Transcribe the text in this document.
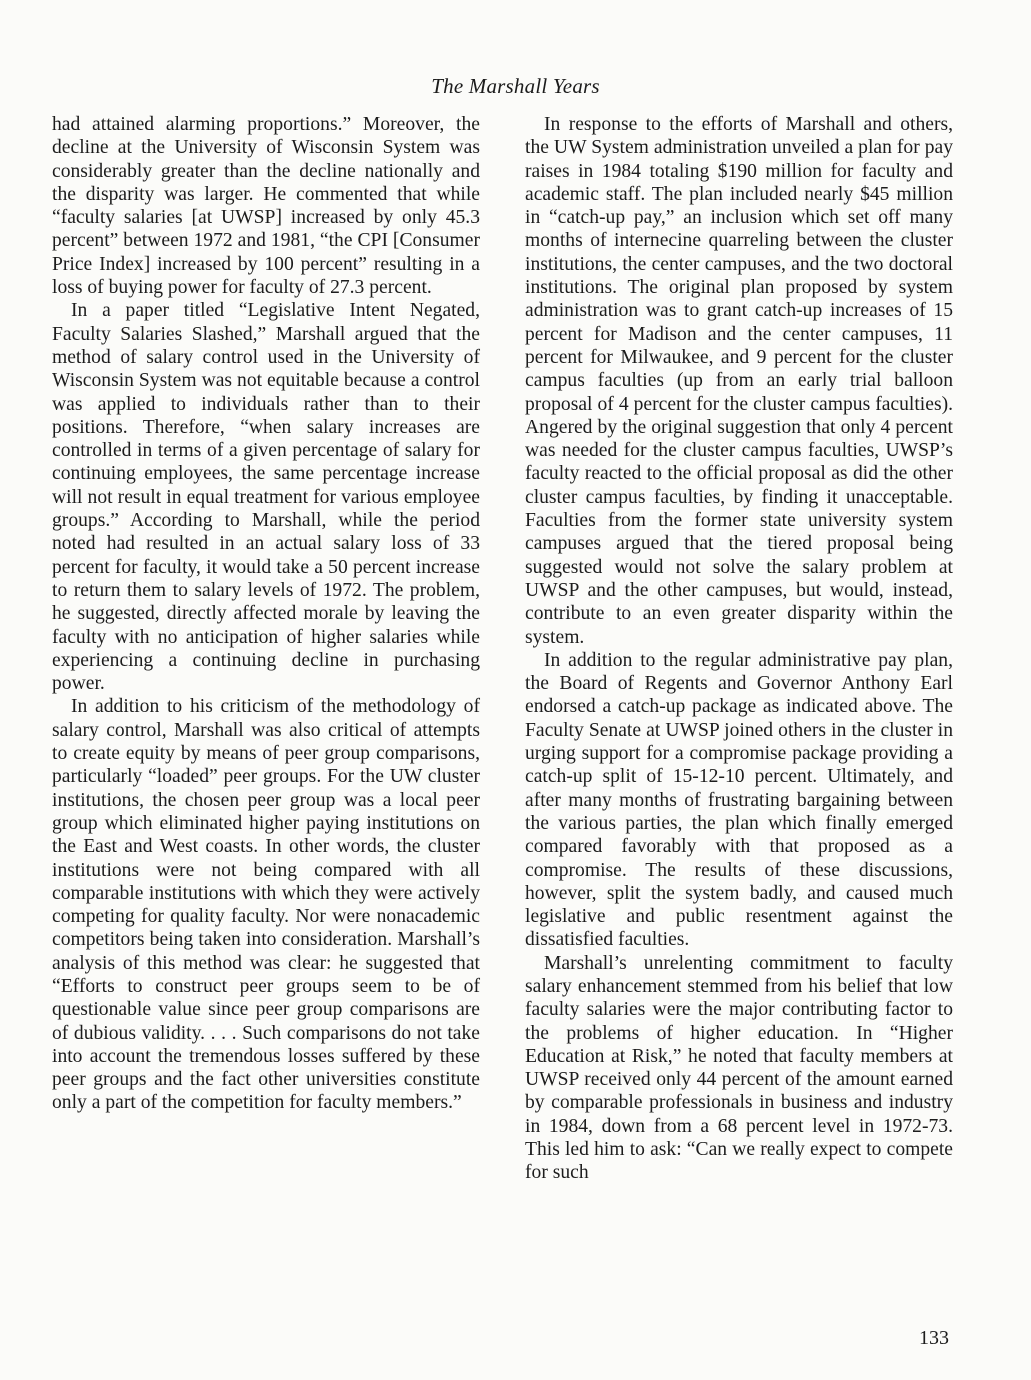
The Marshall Years

had attained alarming proportions.” Moreover, the decline at the University of Wisconsin System was considerably greater than the decline nationally and the disparity was larger. He commented that while “faculty salaries [at UWSP] increased by only 45.3 percent” between 1972 and 1981, “the CPI [Consumer Price Index] increased by 100 percent” resulting in a loss of buying power for faculty of 27.3 percent.

In a paper titled “Legislative Intent Negated, Faculty Salaries Slashed,” Marshall argued that the method of salary control used in the University of Wisconsin System was not equitable because a control was applied to individuals rather than to their positions. Therefore, “when salary increases are controlled in terms of a given percentage of salary for continuing employees, the same percentage increase will not result in equal treatment for various employee groups.” According to Marshall, while the period noted had resulted in an actual salary loss of 33 percent for faculty, it would take a 50 percent increase to return them to salary levels of 1972. The problem, he suggested, directly affected morale by leaving the faculty with no anticipation of higher salaries while experiencing a continuing decline in purchasing power.

In addition to his criticism of the methodology of salary control, Marshall was also critical of attempts to create equity by means of peer group comparisons, particularly “loaded” peer groups. For the UW cluster institutions, the chosen peer group was a local peer group which eliminated higher paying institutions on the East and West coasts. In other words, the cluster institutions were not being compared with all comparable institutions with which they were actively competing for quality faculty. Nor were nonacademic competitors being taken into consideration. Marshall’s analysis of this method was clear: he suggested that “Efforts to construct peer groups seem to be of questionable value since peer group comparisons are of dubious validity. . . . Such comparisons do not take into account the tremendous losses suffered by these peer groups and the fact other universities constitute only a part of the competition for faculty members.”

In response to the efforts of Marshall and others, the UW System administration unveiled a plan for pay raises in 1984 totaling $190 million for faculty and academic staff. The plan included nearly $45 million in “catch-up pay,” an inclusion which set off many months of internecine quarreling between the cluster institutions, the center campuses, and the two doctoral institutions. The original plan proposed by system administration was to grant catch-up increases of 15 percent for Madison and the center campuses, 11 percent for Milwaukee, and 9 percent for the cluster campus faculties (up from an early trial balloon proposal of 4 percent for the cluster campus faculties). Angered by the original suggestion that only 4 percent was needed for the cluster campus faculties, UWSP’s faculty reacted to the official proposal as did the other cluster campus faculties, by finding it unacceptable. Faculties from the former state university system campuses argued that the tiered proposal being suggested would not solve the salary problem at UWSP and the other campuses, but would, instead, contribute to an even greater disparity within the system.

In addition to the regular administrative pay plan, the Board of Regents and Governor Anthony Earl endorsed a catch-up package as indicated above. The Faculty Senate at UWSP joined others in the cluster in urging support for a compromise package providing a catch-up split of 15-12-10 percent. Ultimately, and after many months of frustrating bargaining between the various parties, the plan which finally emerged compared favorably with that proposed as a compromise. The results of these discussions, however, split the system badly, and caused much legislative and public resentment against the dissatisfied faculties.

Marshall’s unrelenting commitment to faculty salary enhancement stemmed from his belief that low faculty salaries were the major contributing factor to the problems of higher education. In “Higher Education at Risk,” he noted that faculty members at UWSP received only 44 percent of the amount earned by comparable professionals in business and industry in 1984, down from a 68 percent level in 1972-73. This led him to ask: “Can we really expect to compete for such

133
